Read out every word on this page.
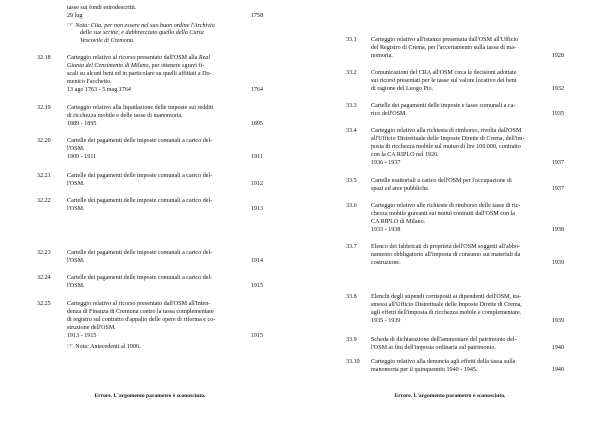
tasse sui fondi estrodescritti.
29 lug	1758
☞ Nota: Cita. per non essere nel suo buon ordine l'Archivio
delle sue scritte, e dabbrecciato quello della Curia
Vescovile di Cremona.
32.18	Carteggio relativo al ricorso presentato dall'OSM alla Real
Giunta del Censimento di Milano, per ottenere sgravi fi-
scali su alcuni beni ed in particolare su quelli affittati a Do-
menico Facchetto.
13 ago 1763 - 5 mag 1764	1764
32.19	Carteggio relativo alla liquidazione delle imposte sui redditi
di ricchezza mobile e delle tasse di manomorta.
1889 - 1895	1895
32.20	Cartelle dei pagamenti delle imposte comunali a carico del-
l'OSM.
1909 - 1911	1911
32.21	Cartelle dei pagamenti delle imposte comunali a carico del-
l'OSM.	1912
32.22	Cartelle dei pagamenti delle imposte comunali a carico del-
l'OSM.	1913
32.23	Cartelle dei pagamenti delle imposte comunali a carico del-
l'OSM.	1914
32.24	Cartelle dei pagamenti delle imposte comunali a carico del-
l'OSM.	1915
32.25	Carteggio relativo al ricorso presentato dall'OSM all'Inten-
denza di Finanza di Cremona contro la tassa complementare
di registro sul contratto d'appalto delle opere di riforma e co-
struzione dell'OSM.
1913 - 1915	1915
☞ Nota: Antecedenti al 1906.
Errore. L'argomento parametro è sconosciuto.
33.1 Carteggio relativo all'istanza presentata dall'OSM all'Ufficio
del Registro di Crema, per l'accertamento sulla tassa di ma-
nomorta.	1928
33.2 Comunicazioni del CRA all'OSM circa le decisioni adottate
sui ricorsi presentati per le tasse sul valore locativo dei beni
di ragione del Luogo Pio.	1932
33.3 Cartelle dei pagamenti delle imposte e tasse comunali a ca-
rico dell'OSM.	1935
33.4 Carteggio relativo alla richiesta di rimborso, rivolta dall'OSM
all'Ufficio Distrettuale delle Imposte Dirette di Crema, dell'im-
posta di ricchezza mobile sul mutuo di lire 100.000, contratto
con la CA RIPLO nel 1926.
1936 - 1937	1937
33.5 Cartelle esattoriali a carico dell'OSM per l'occupazione di
spazi ed aree pubbliche.	1937
33.6 Carteggio relativo alle richieste di rimborso delle tasse di ric-
chezza mobile gravanti sui mutui contratti dall'OSM con la
CA RIPLO di Milano.
1933 - 1938	1938
33.7 Elenco dei fabbricati di proprietà dell'OSM soggetti all'abbo-
namento obbligatorio all'imposta di consumo sui materiali da
costruzione.	1939
33.8 Elenchi degli stipendi corrisposti ai dipendenti dell'OSM, tra-
smessi all'Ufficio Distrettuale delle Imposte Dirette di Crema,
agli effetti dell'imposta di ricchezza mobile e complementare.
1935 - 1939	1939
33.9 Scheda di dichiarazione dell'ammontare del patrimonio del-
l'OSM ai fini dell'imposta ordinaria sul patrimonio.	1940
33.10 Carteggio relativo alla denuncia agli effetti della tassa sulla
manomorta per il quinquennio 1940 - 1945.	1940
Errore. L'argomento parametro è sconosciuto.
